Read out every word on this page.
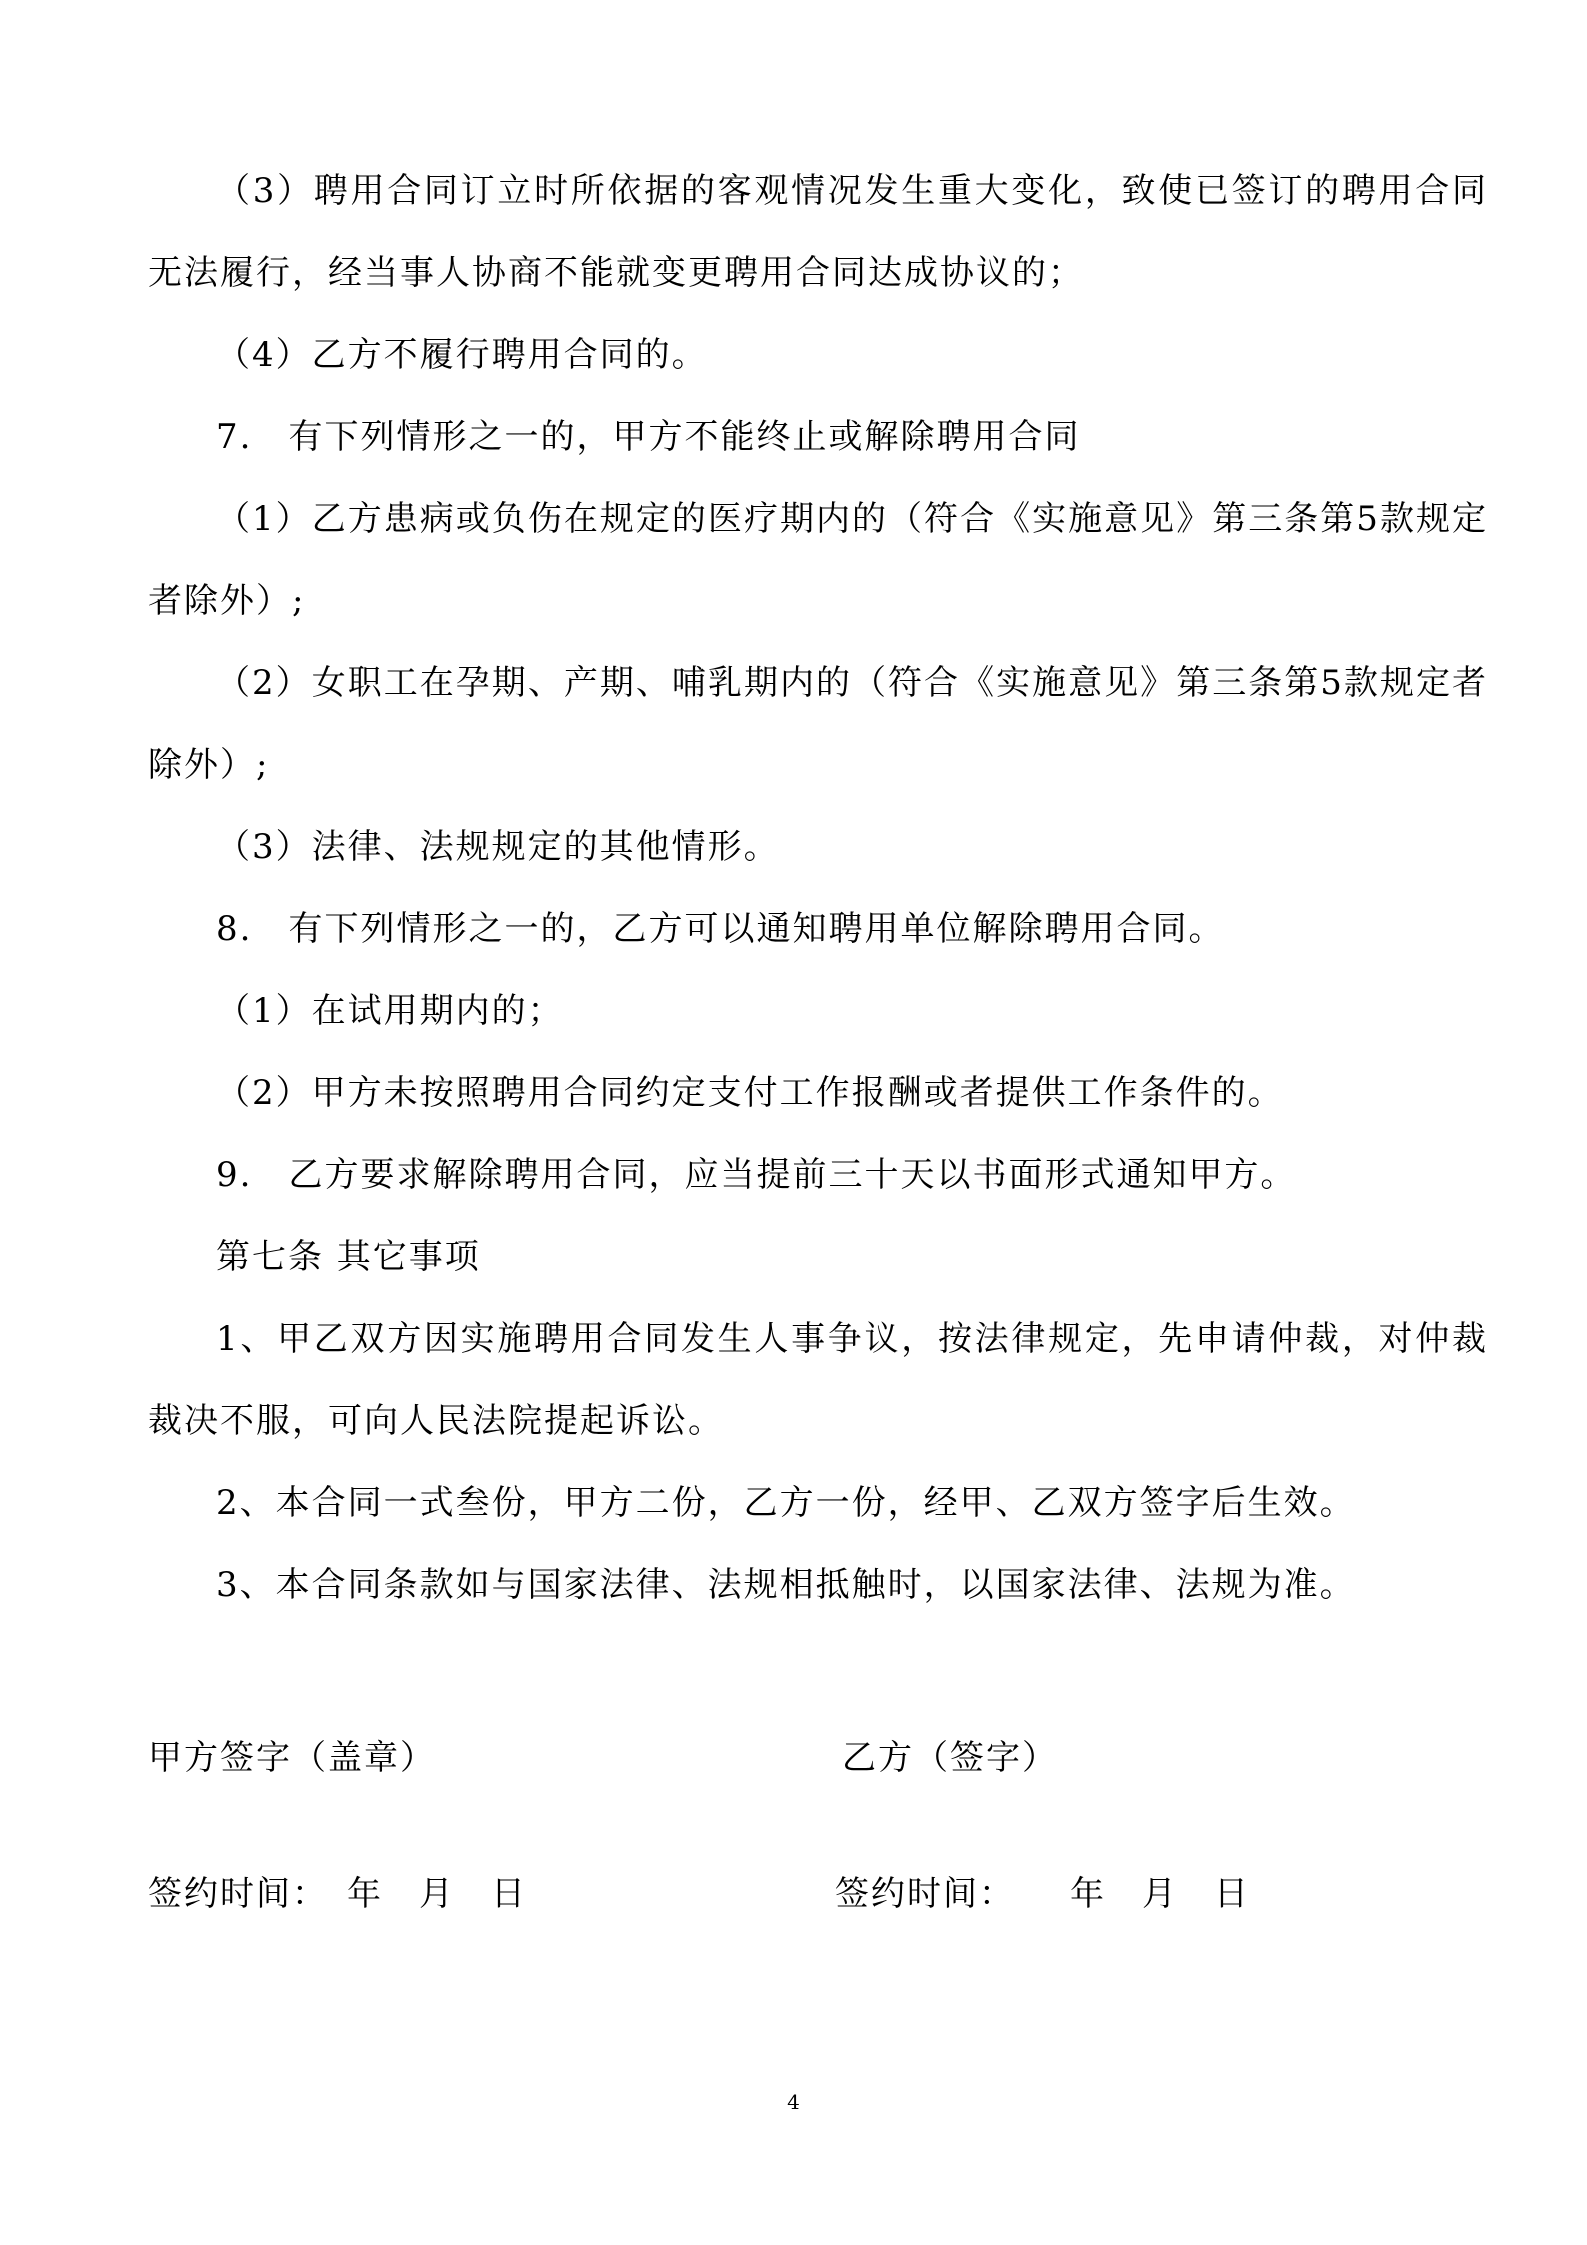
（3）聘用合同订立时所依据的客观情况发生重大变化，致使已签订的聘用合同无法履行，经当事人协商不能就变更聘用合同达成协议的；

（4）乙方不履行聘用合同的。

7.　有下列情形之一的，甲方不能终止或解除聘用合同

（1）乙方患病或负伤在规定的医疗期内的（符合《实施意见》第三条第5款规定者除外）;

（2）女职工在孕期、产期、哺乳期内的（符合《实施意见》第三条第5款规定者除外）;

（3）法律、法规规定的其他情形。

8.　有下列情形之一的，乙方可以通知聘用单位解除聘用合同。

（1）在试用期内的；

（2）甲方未按照聘用合同约定支付工作报酬或者提供工作条件的。

9.　乙方要求解除聘用合同，应当提前三十天以书面形式通知甲方。

第七条 其它事项

1、甲乙双方因实施聘用合同发生人事争议，按法律规定，先申请仲裁，对仲裁裁决不服，可向人民法院提起诉讼。

2、本合同一式叁份，甲方二份，乙方一份，经甲、乙双方签字后生效。

3、本合同条款如与国家法律、法规相抵触时，以国家法律、法规为准。

甲方签字（盖章）	乙方（签字）
签约时间：　年　月　日	签约时间：　　年　月　日
4
